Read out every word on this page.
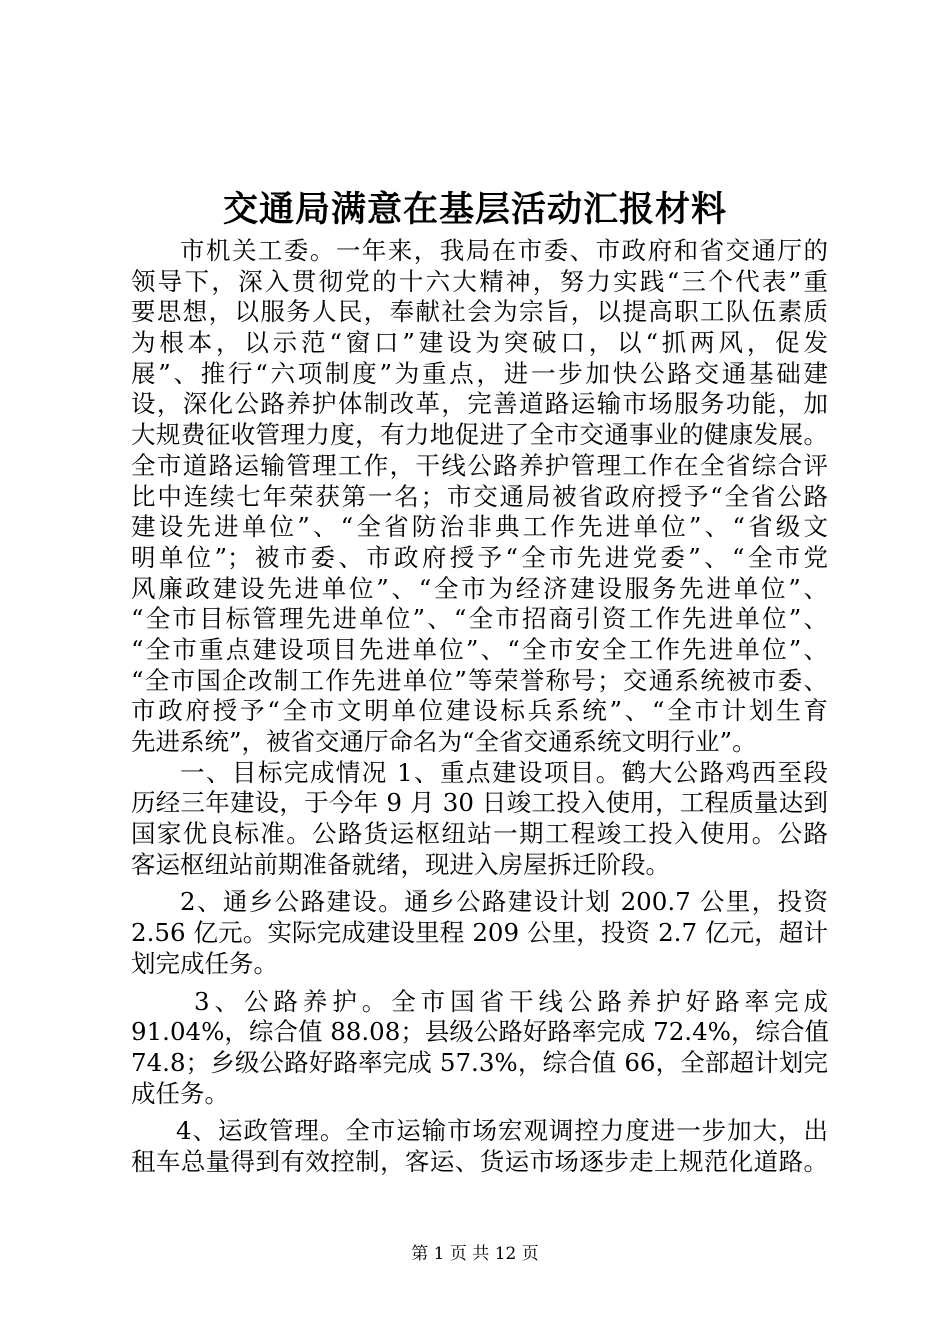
交通局满意在基层活动汇报材料
市机关工委。一年来，我局在市委、市政府和省交通厅的
领导下，深入贯彻党的十六大精神，努力实践“三个代表”重
要思想，以服务人民，奉献社会为宗旨，以提高职工队伍素质
为根本，以示范“窗口”建设为突破口，以“抓两风，促发
展”、推行“六项制度”为重点，进一步加快公路交通基础建
设，深化公路养护体制改革，完善道路运输市场服务功能，加
大规费征收管理力度，有力地促进了全市交通事业的健康发展。
全市道路运输管理工作，干线公路养护管理工作在全省综合评
比中连续七年荣获第一名；市交通局被省政府授予“全省公路
建设先进单位”、“全省防治非典工作先进单位”、“省级文
明单位”；被市委、市政府授予“全市先进党委”、“全市党
风廉政建设先进单位”、“全市为经济建设服务先进单位”、
“全市目标管理先进单位”、“全市招商引资工作先进单位”、
“全市重点建设项目先进单位”、“全市安全工作先进单位”、
“全市国企改制工作先进单位”等荣誉称号；交通系统被市委、
市政府授予“全市文明单位建设标兵系统”、“全市计划生育
先进系统”，被省交通厅命名为“全省交通系统文明行业”。
一、目标完成情况 1、重点建设项目。鹤大公路鸡西至段
历经三年建设，于今年 9 月 30 日竣工投入使用，工程质量达到
国家优良标准。公路货运枢纽站一期工程竣工投入使用。公路
客运枢纽站前期准备就绪，现进入房屋拆迁阶段。
2、通乡公路建设。通乡公路建设计划 200.7 公里，投资
2.56 亿元。实际完成建设里程 209 公里，投资 2.7 亿元，超计
划完成任务。
3、公路养护。全市国省干线公路养护好路率完成
91.04%，综合值 88.08；县级公路好路率完成 72.4%，综合值
74.8；乡级公路好路率完成 57.3%，综合值 66，全部超计划完
成任务。
4、运政管理。全市运输市场宏观调控力度进一步加大，出
租车总量得到有效控制，客运、货运市场逐步走上规范化道路。
第 1 页 共 12 页
